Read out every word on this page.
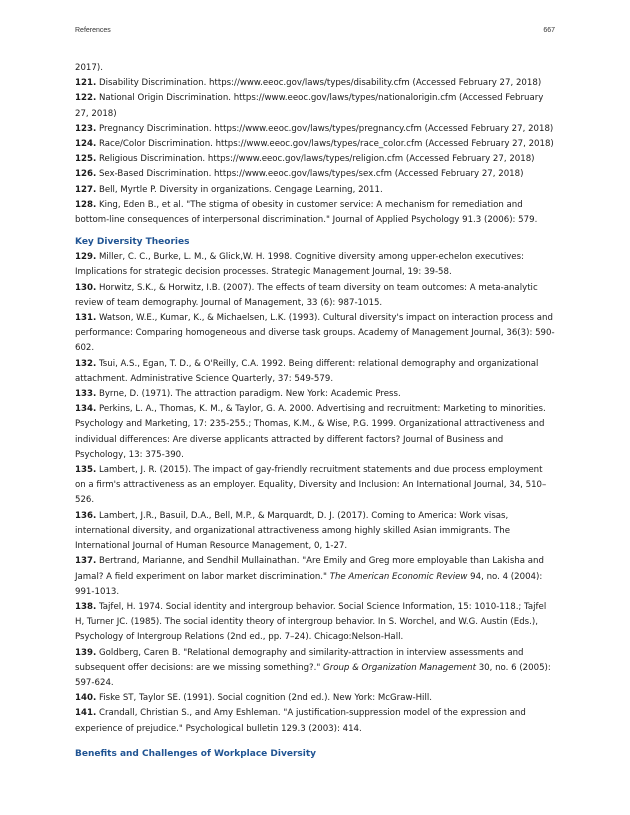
References	667

2017).

121. Disability Discrimination. https://www.eeoc.gov/laws/types/disability.cfm (Accessed February 27, 2018)

122. National Origin Discrimination. https://www.eeoc.gov/laws/types/nationalorigin.cfm (Accessed February 27, 2018)

123. Pregnancy Discrimination. https://www.eeoc.gov/laws/types/pregnancy.cfm (Accessed February 27, 2018)

124. Race/Color Discrimination. https://www.eeoc.gov/laws/types/race_color.cfm (Accessed February 27, 2018)

125. Religious Discrimination. https://www.eeoc.gov/laws/types/religion.cfm (Accessed February 27, 2018)

126. Sex-Based Discrimination. https://www.eeoc.gov/laws/types/sex.cfm (Accessed February 27, 2018)

127. Bell, Myrtle P. Diversity in organizations. Cengage Learning, 2011.

128. King, Eden B., et al. "The stigma of obesity in customer service: A mechanism for remediation and bottom-line consequences of interpersonal discrimination." Journal of Applied Psychology 91.3 (2006): 579.

Key Diversity Theories

129. Miller, C. C., Burke, L. M., & Glick,W. H. 1998. Cognitive diversity among upper-echelon executives: Implications for strategic decision processes. Strategic Management Journal, 19: 39-58.

130. Horwitz, S.K., & Horwitz, I.B. (2007). The effects of team diversity on team outcomes: A meta-analytic review of team demography. Journal of Management, 33 (6): 987-1015.

131. Watson, W.E., Kumar, K., & Michaelsen, L.K. (1993). Cultural diversity's impact on interaction process and performance: Comparing homogeneous and diverse task groups. Academy of Management Journal, 36(3): 590-602.

132. Tsui, A.S., Egan, T. D., & O'Reilly, C.A. 1992. Being different: relational demography and organizational attachment. Administrative Science Quarterly, 37: 549-579.

133. Byrne, D. (1971). The attraction paradigm. New York: Academic Press.

134. Perkins, L. A., Thomas, K. M., & Taylor, G. A. 2000. Advertising and recruitment: Marketing to minorities. Psychology and Marketing, 17: 235-255.; Thomas, K.M., & Wise, P.G. 1999. Organizational attractiveness and individual differences: Are diverse applicants attracted by different factors? Journal of Business and Psychology, 13: 375-390.

135. Lambert, J. R. (2015). The impact of gay-friendly recruitment statements and due process employment on a firm's attractiveness as an employer. Equality, Diversity and Inclusion: An International Journal, 34, 510–526.

136. Lambert, J.R., Basuil, D.A., Bell, M.P., & Marquardt, D. J. (2017). Coming to America: Work visas, international diversity, and organizational attractiveness among highly skilled Asian immigrants. The International Journal of Human Resource Management, 0, 1-27.

137. Bertrand, Marianne, and Sendhil Mullainathan. "Are Emily and Greg more employable than Lakisha and Jamal? A field experiment on labor market discrimination." The American Economic Review 94, no. 4 (2004): 991-1013.

138. Tajfel, H. 1974. Social identity and intergroup behavior. Social Science Information, 15: 1010-118.; Tajfel H, Turner JC. (1985). The social identity theory of intergroup behavior. In S. Worchel, and W.G. Austin (Eds.), Psychology of Intergroup Relations (2nd ed., pp. 7–24). Chicago:Nelson-Hall.

139. Goldberg, Caren B. "Relational demography and similarity-attraction in interview assessments and subsequent offer decisions: are we missing something?." Group & Organization Management 30, no. 6 (2005): 597-624.

140. Fiske ST, Taylor SE. (1991). Social cognition (2nd ed.). New York: McGraw-Hill.

141. Crandall, Christian S., and Amy Eshleman. "A justification-suppression model of the expression and experience of prejudice." Psychological bulletin 129.3 (2003): 414.

Benefits and Challenges of Workplace Diversity
